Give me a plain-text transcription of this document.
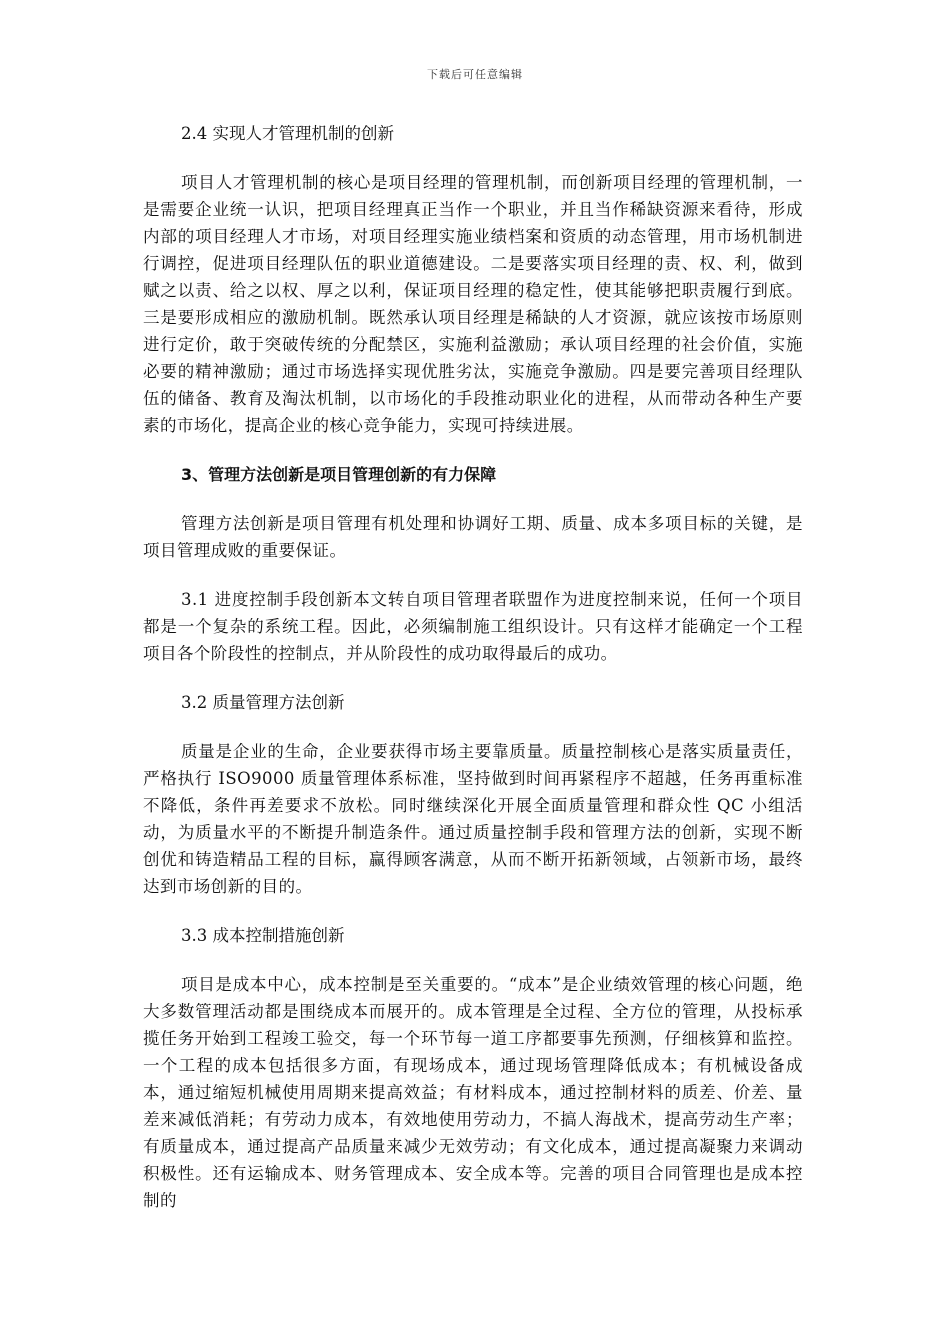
下载后可任意编辑

2.4 实现人才管理机制的创新

项目人才管理机制的核心是项目经理的管理机制，而创新项目经理的管理机制，一是需要企业统一认识，把项目经理真正当作一个职业，并且当作稀缺资源来看待，形成内部的项目经理人才市场，对项目经理实施业绩档案和资质的动态管理，用市场机制进行调控，促进项目经理队伍的职业道德建设。二是要落实项目经理的责、权、利，做到赋之以责、给之以权、厚之以利，保证项目经理的稳定性，使其能够把职责履行到底。三是要形成相应的激励机制。既然承认项目经理是稀缺的人才资源，就应该按市场原则进行定价，敢于突破传统的分配禁区，实施利益激励；承认项目经理的社会价值，实施必要的精神激励；通过市场选择实现优胜劣汰，实施竞争激励。四是要完善项目经理队伍的储备、教育及淘汰机制，以市场化的手段推动职业化的进程，从而带动各种生产要素的市场化，提高企业的核心竞争能力，实现可持续进展。

3、管理方法创新是项目管理创新的有力保障

管理方法创新是项目管理有机处理和协调好工期、质量、成本多项目标的关键，是项目管理成败的重要保证。

3.1 进度控制手段创新本文转自项目管理者联盟作为进度控制来说，任何一个项目都是一个复杂的系统工程。因此，必须编制施工组织设计。只有这样才能确定一个工程项目各个阶段性的控制点，并从阶段性的成功取得最后的成功。

3.2 质量管理方法创新

质量是企业的生命，企业要获得市场主要靠质量。质量控制核心是落实质量责任，严格执行 ISO9000 质量管理体系标准，坚持做到时间再紧程序不超越，任务再重标准不降低，条件再差要求不放松。同时继续深化开展全面质量管理和群众性 QC 小组活动，为质量水平的不断提升制造条件。通过质量控制手段和管理方法的创新，实现不断创优和铸造精品工程的目标，赢得顾客满意，从而不断开拓新领域，占领新市场，最终达到市场创新的目的。

3.3 成本控制措施创新

项目是成本中心，成本控制是至关重要的。“成本”是企业绩效管理的核心问题，绝大多数管理活动都是围绕成本而展开的。成本管理是全过程、全方位的管理，从投标承揽任务开始到工程竣工验交，每一个环节每一道工序都要事先预测，仔细核算和监控。一个工程的成本包括很多方面，有现场成本，通过现场管理降低成本；有机械设备成本，通过缩短机械使用周期来提高效益；有材料成本，通过控制材料的质差、价差、量差来减低消耗；有劳动力成本，有效地使用劳动力，不搞人海战术，提高劳动生产率；有质量成本，通过提高产品质量来减少无效劳动；有文化成本，通过提高凝聚力来调动积极性。还有运输成本、财务管理成本、安全成本等。完善的项目合同管理也是成本控制的
